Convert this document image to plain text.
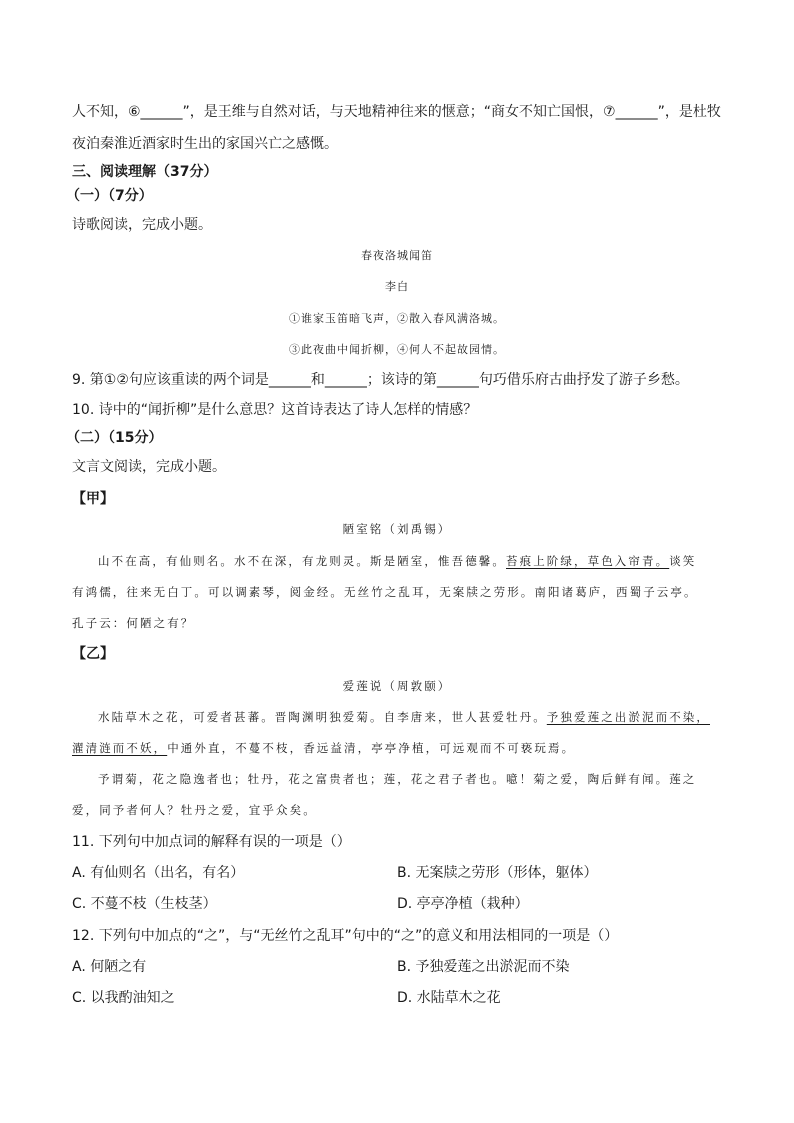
人不知，⑥______”，是王维与自然对话，与天地精神往来的惬意；“商女不知亡国恨，⑦______”，是杜牧
夜泊秦淮近酒家时生出的家国兴亡之感慨。
三、阅读理解（37分）
（一）（7分）
诗歌阅读，完成小题。
春夜洛城闻笛
李白
①谁家玉笛暗飞声，②散入春风满洛城。
③此夜曲中闻折柳，④何人不起故园情。
9. 第①②句应该重读的两个词是______和______；该诗的第______句巧借乐府古曲抒发了游子乡愁。
10. 诗中的“闻折柳”是什么意思？这首诗表达了诗人怎样的情感？
（二）（15分）
文言文阅读，完成小题。
【甲】
陋室铭（刘禹锡）
山不在高，有仙则名。水不在深，有龙则灵。斯是陋室，惟吾德馨。苔痕上阶绿，草色入帘青。谈笑
有鸿儒，往来无白丁。可以调素琴，阅金经。无丝竹之乱耳，无案牍之劳形。南阳诸葛庐，西蜀子云亭。
孔子云：何陋之有？
【乙】
爱莲说（周敦颐）
水陆草木之花，可爱者甚蕃。晋陶渊明独爱菊。自李唐来，世人甚爱牡丹。予独爱莲之出淤泥而不染，
濯清涟而不妖，中通外直，不蔓不枝，香远益清，亭亭净植，可远观而不可亵玩焉。
予谓菊，花之隐逸者也；牡丹，花之富贵者也；莲，花之君子者也。噫！菊之爱，陶后鲜有闻。莲之
爱，同予者何人？牡丹之爱，宜乎众矣。
11. 下列句中加点词的解释有误的一项是（）
A. 有仙则名（出名，有名）	B. 无案牍之劳形（形体，躯体）
C. 不蔓不枝（生枝茎）	D. 亭亭净植（栽种）
12. 下列句中加点的“之”，与“无丝竹之乱耳”句中的“之”的意义和用法相同的一项是（）
A. 何陋之有	B. 予独爱莲之出淤泥而不染
C. 以我酌油知之	D. 水陆草木之花
